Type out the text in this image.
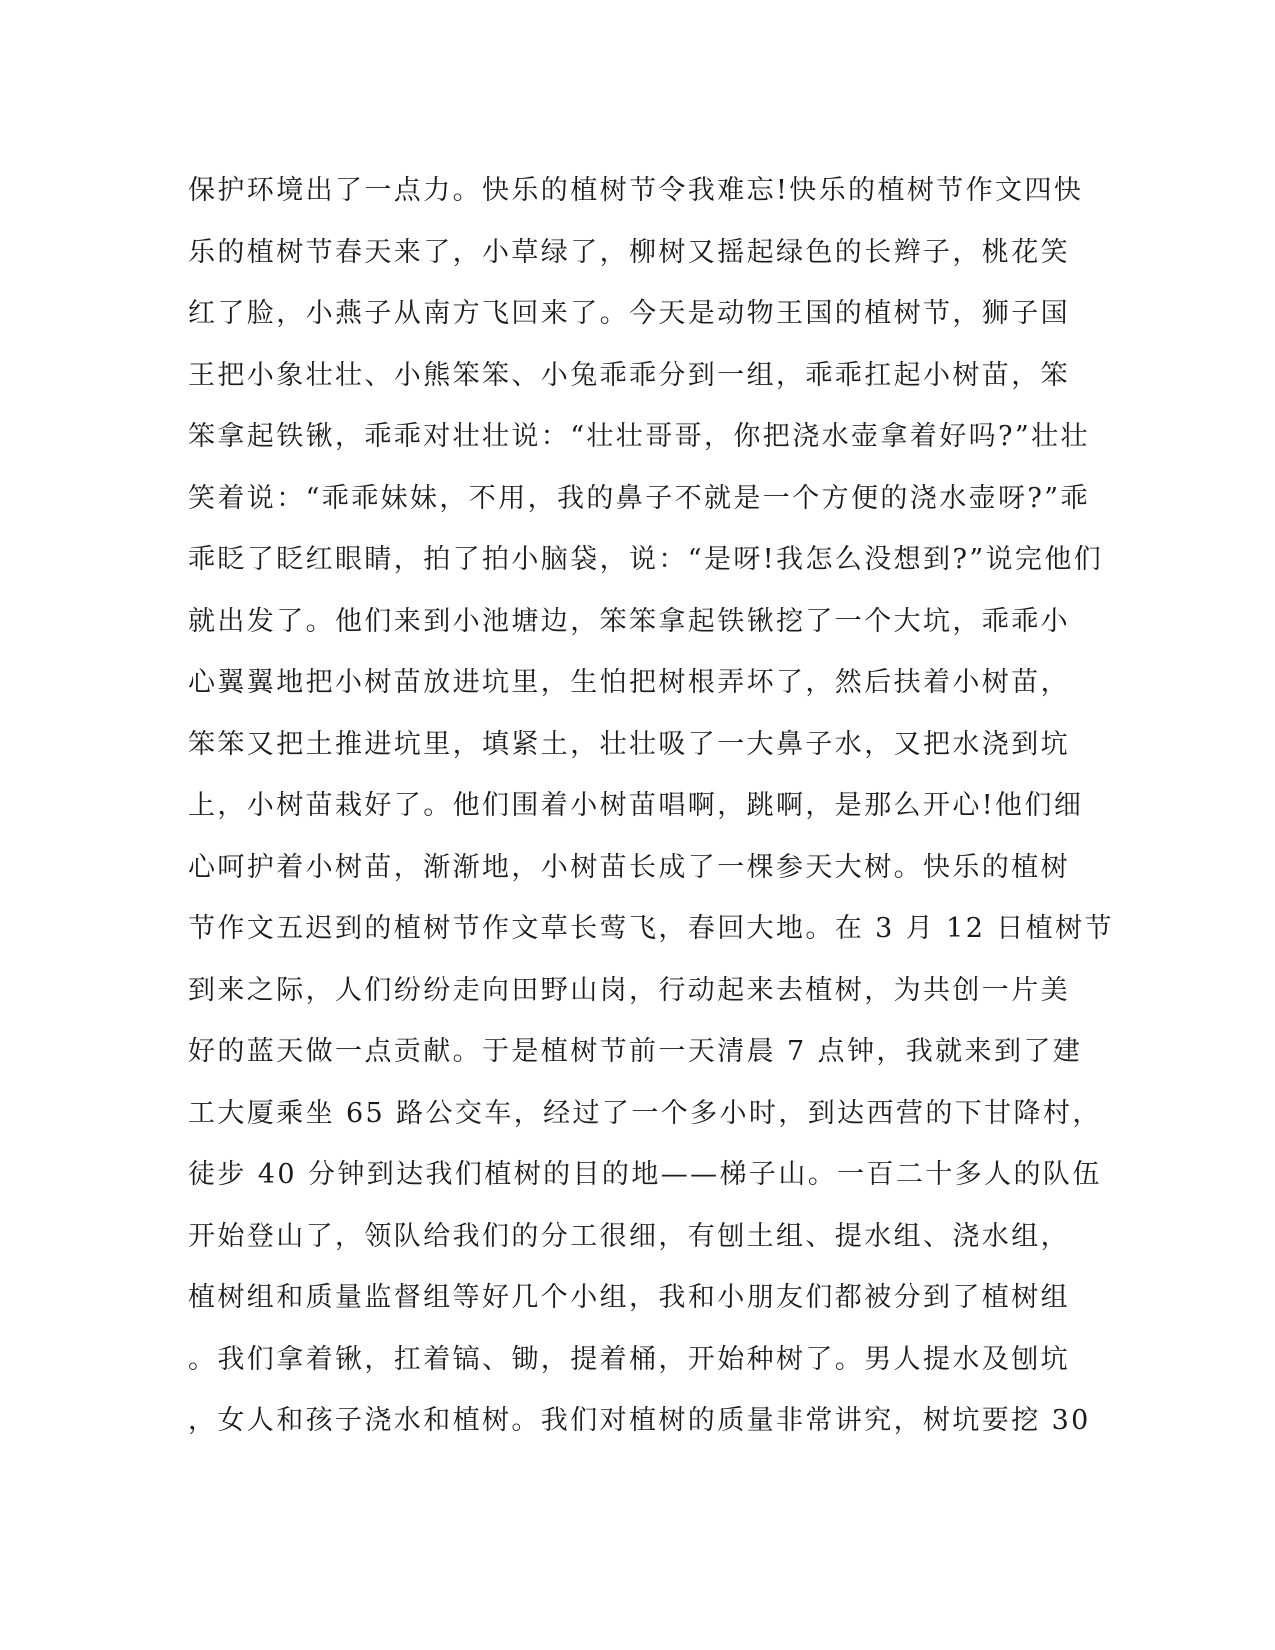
保护环境出了一点力。快乐的植树节令我难忘!快乐的植树节作文四快
乐的植树节春天来了，小草绿了，柳树又摇起绿色的长辫子，桃花笑
红了脸，小燕子从南方飞回来了。今天是动物王国的植树节，狮子国
王把小象壮壮、小熊笨笨、小兔乖乖分到一组，乖乖扛起小树苗，笨
笨拿起铁锹，乖乖对壮壮说：“壮壮哥哥，你把浇水壶拿着好吗?”壮壮
笑着说：“乖乖妹妹，不用，我的鼻子不就是一个方便的浇水壶呀?”乖
乖眨了眨红眼睛，拍了拍小脑袋，说：“是呀!我怎么没想到?”说完他们
就出发了。他们来到小池塘边，笨笨拿起铁锹挖了一个大坑，乖乖小
心翼翼地把小树苗放进坑里，生怕把树根弄坏了，然后扶着小树苗，
笨笨又把土推进坑里，填紧土，壮壮吸了一大鼻子水，又把水浇到坑
上，小树苗栽好了。他们围着小树苗唱啊，跳啊，是那么开心!他们细
心呵护着小树苗，渐渐地，小树苗长成了一棵参天大树。快乐的植树
节作文五迟到的植树节作文草长莺飞，春回大地。在 3 月 12 日植树节
到来之际，人们纷纷走向田野山岗，行动起来去植树，为共创一片美
好的蓝天做一点贡献。于是植树节前一天清晨 7 点钟，我就来到了建
工大厦乘坐 65 路公交车，经过了一个多小时，到达西营的下甘降村，
徒步 40 分钟到达我们植树的目的地——梯子山。一百二十多人的队伍
开始登山了，领队给我们的分工很细，有刨土组、提水组、浇水组，
植树组和质量监督组等好几个小组，我和小朋友们都被分到了植树组
。我们拿着锹，扛着镐、锄，提着桶，开始种树了。男人提水及刨坑
，女人和孩子浇水和植树。我们对植树的质量非常讲究，树坑要挖 30
